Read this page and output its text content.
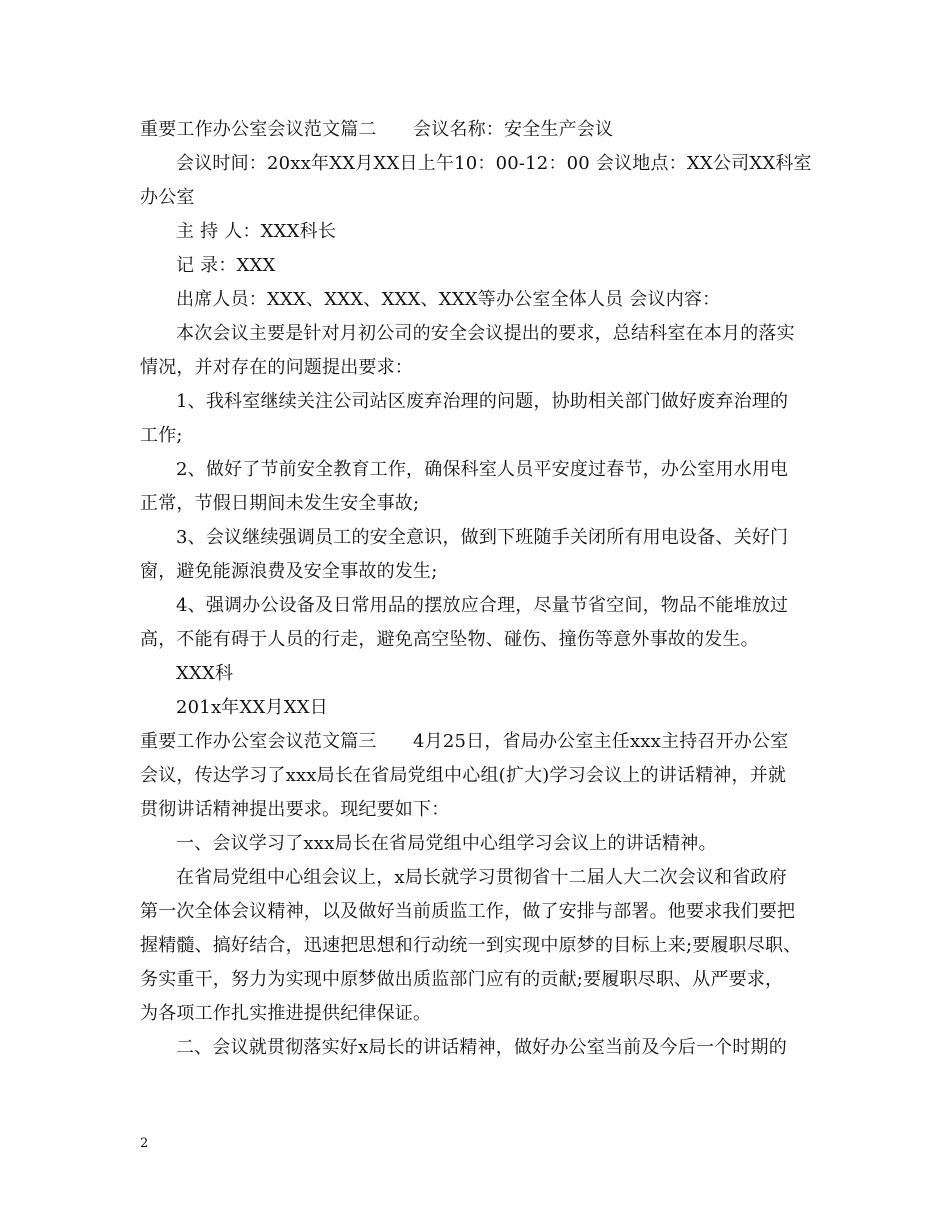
重要工作办公室会议范文篇二　　会议名称：安全生产会议
会议时间：20xx年XX月XX日上午10：00-12：00 会议地点：XX公司XX科室
办公室
主 持 人：XXX科长
记 录：XXX
出席人员：XXX、XXX、XXX、XXX等办公室全体人员 会议内容：
本次会议主要是针对月初公司的安全会议提出的要求，总结科室在本月的落实
情况，并对存在的问题提出要求：
1、我科室继续关注公司站区废弃治理的问题，协助相关部门做好废弃治理的
工作;
2、做好了节前安全教育工作，确保科室人员平安度过春节，办公室用水用电
正常，节假日期间未发生安全事故;
3、会议继续强调员工的安全意识，做到下班随手关闭所有用电设备、关好门
窗，避免能源浪费及安全事故的发生;
4、强调办公设备及日常用品的摆放应合理，尽量节省空间，物品不能堆放过
高，不能有碍于人员的行走，避免高空坠物、碰伤、撞伤等意外事故的发生。
XXX科
201x年XX月XX日
重要工作办公室会议范文篇三　　4月25日，省局办公室主任xxx主持召开办公室
会议，传达学习了xxx局长在省局党组中心组(扩大)学习会议上的讲话精神，并就
贯彻讲话精神提出要求。现纪要如下：
一、会议学习了xxx局长在省局党组中心组学习会议上的讲话精神。
在省局党组中心组会议上，x局长就学习贯彻省十二届人大二次会议和省政府
第一次全体会议精神，以及做好当前质监工作，做了安排与部署。他要求我们要把
握精髓、搞好结合，迅速把思想和行动统一到实现中原梦的目标上来;要履职尽职、
务实重干，努力为实现中原梦做出质监部门应有的贡献;要履职尽职、从严要求，
为各项工作扎实推进提供纪律保证。
二、会议就贯彻落实好x局长的讲话精神，做好办公室当前及今后一个时期的
2
